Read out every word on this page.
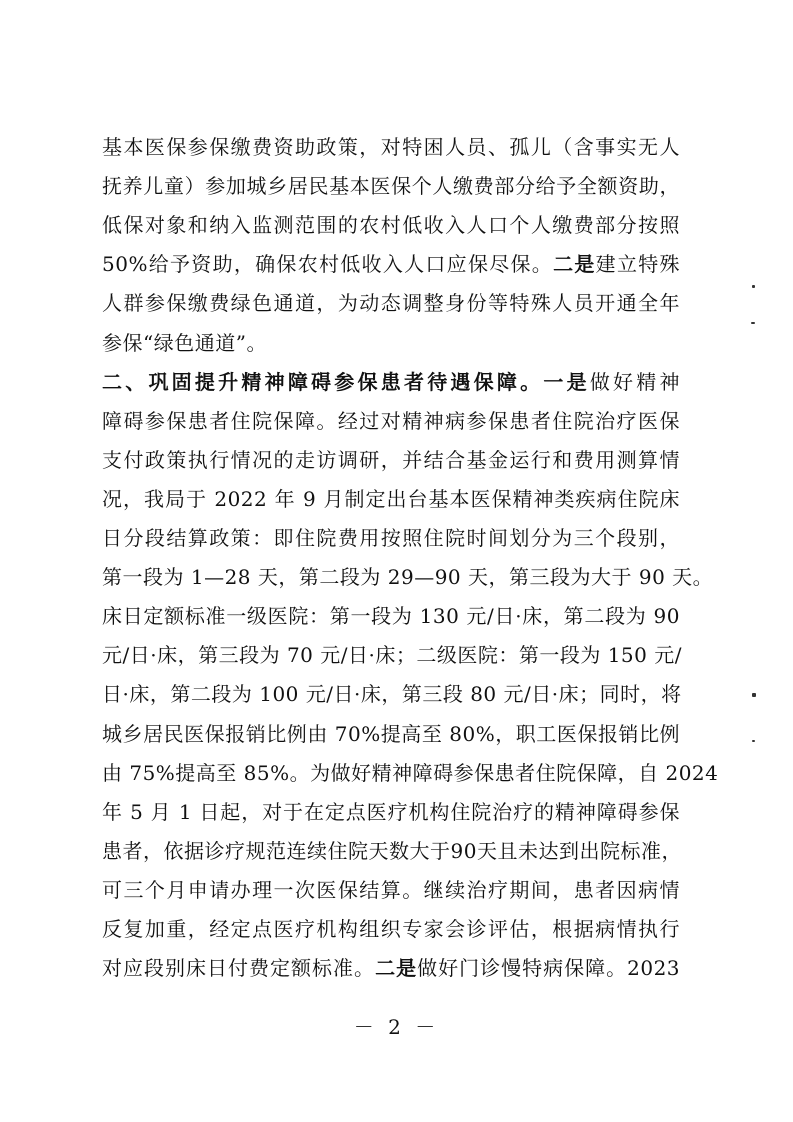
基本医保参保缴费资助政策，对特困人员、孤儿（含事实无人
抚养儿童）参加城乡居民基本医保个人缴费部分给予全额资助，
低保对象和纳入监测范围的农村低收入人口个人缴费部分按照
50%给予资助，确保农村低收入人口应保尽保。二是建立特殊
人群参保缴费绿色通道，为动态调整身份等特殊人员开通全年
参保“绿色通道”。
二、巩固提升精神障碍参保患者待遇保障。一是做好精神
障碍参保患者住院保障。经过对精神病参保患者住院治疗医保
支付政策执行情况的走访调研，并结合基金运行和费用测算情
况，我局于 2022 年 9 月制定出台基本医保精神类疾病住院床
日分段结算政策：即住院费用按照住院时间划分为三个段别，
第一段为 1—28 天，第二段为 29—90 天，第三段为大于 90 天。
床日定额标准一级医院：第一段为 130 元/日·床，第二段为 90
元/日·床，第三段为 70 元/日·床；二级医院：第一段为 150 元/
日·床，第二段为 100 元/日·床，第三段 80 元/日·床；同时，将
城乡居民医保报销比例由 70%提高至 80%，职工医保报销比例
由 75%提高至 85%。为做好精神障碍参保患者住院保障，自 2024
年 5 月 1 日起，对于在定点医疗机构住院治疗的精神障碍参保
患者，依据诊疗规范连续住院天数大于90天且未达到出院标准，
可三个月申请办理一次医保结算。继续治疗期间，患者因病情
反复加重，经定点医疗机构组织专家会诊评估，根据病情执行
对应段别床日付费定额标准。二是做好门诊慢特病保障。2023
－ 2 －
